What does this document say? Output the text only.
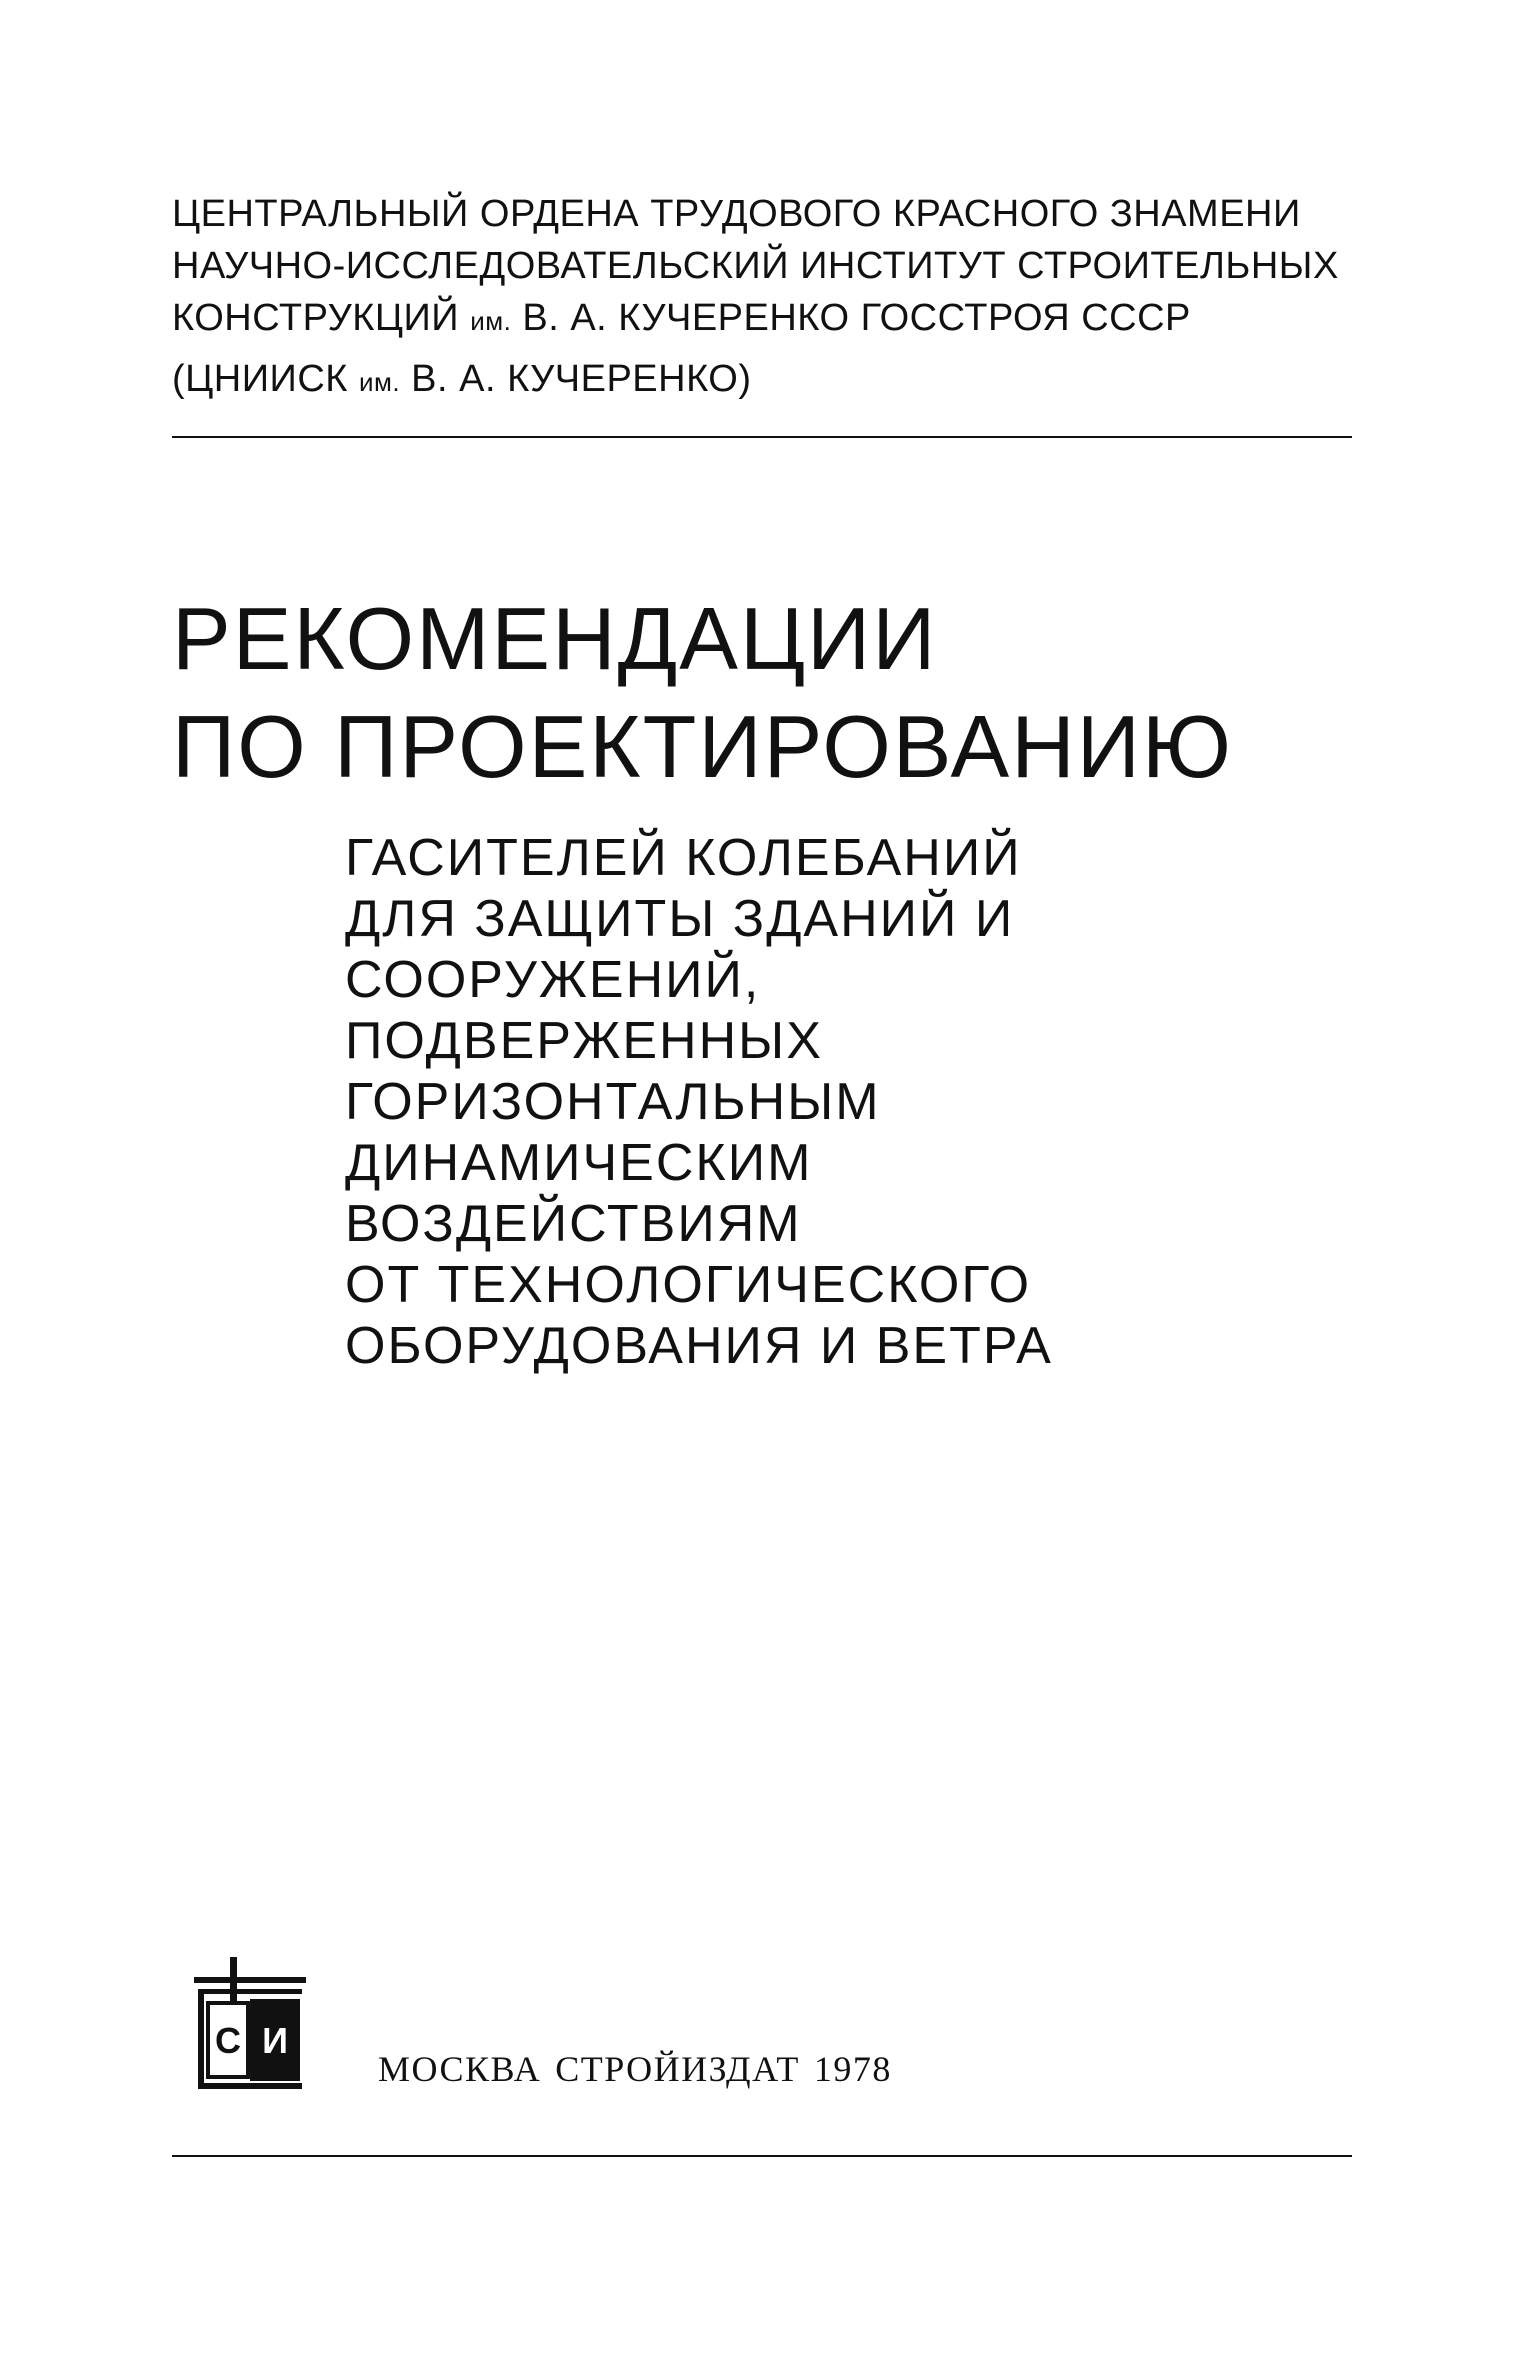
ЦЕНТРАЛЬНЫЙ ОРДЕНА ТРУДОВОГО КРАСНОГО ЗНАМЕНИ
НАУЧНО-ИССЛЕДОВАТЕЛЬСКИЙ ИНСТИТУТ СТРОИТЕЛЬНЫХ
КОНСТРУКЦИЙ им. В. А. КУЧЕРЕНКО ГОССТРОЯ СССР
(ЦНИИСК им. В. А. КУЧЕРЕНКО)
РЕКОМЕНДАЦИИ
ПО ПРОЕКТИРОВАНИЮ
ГАСИТЕЛЕЙ КОЛЕБАНИЙ
ДЛЯ ЗАЩИТЫ ЗДАНИЙ И
СООРУЖЕНИЙ,
ПОДВЕРЖЕННЫХ
ГОРИЗОНТАЛЬНЫМ
ДИНАМИЧЕСКИМ
ВОЗДЕЙСТВИЯМ
ОТ ТЕХНОЛОГИЧЕСКОГО
ОБОРУДОВАНИЯ И ВЕТРА
С И
МОСКВА СТРОЙИЗДАТ 1978
